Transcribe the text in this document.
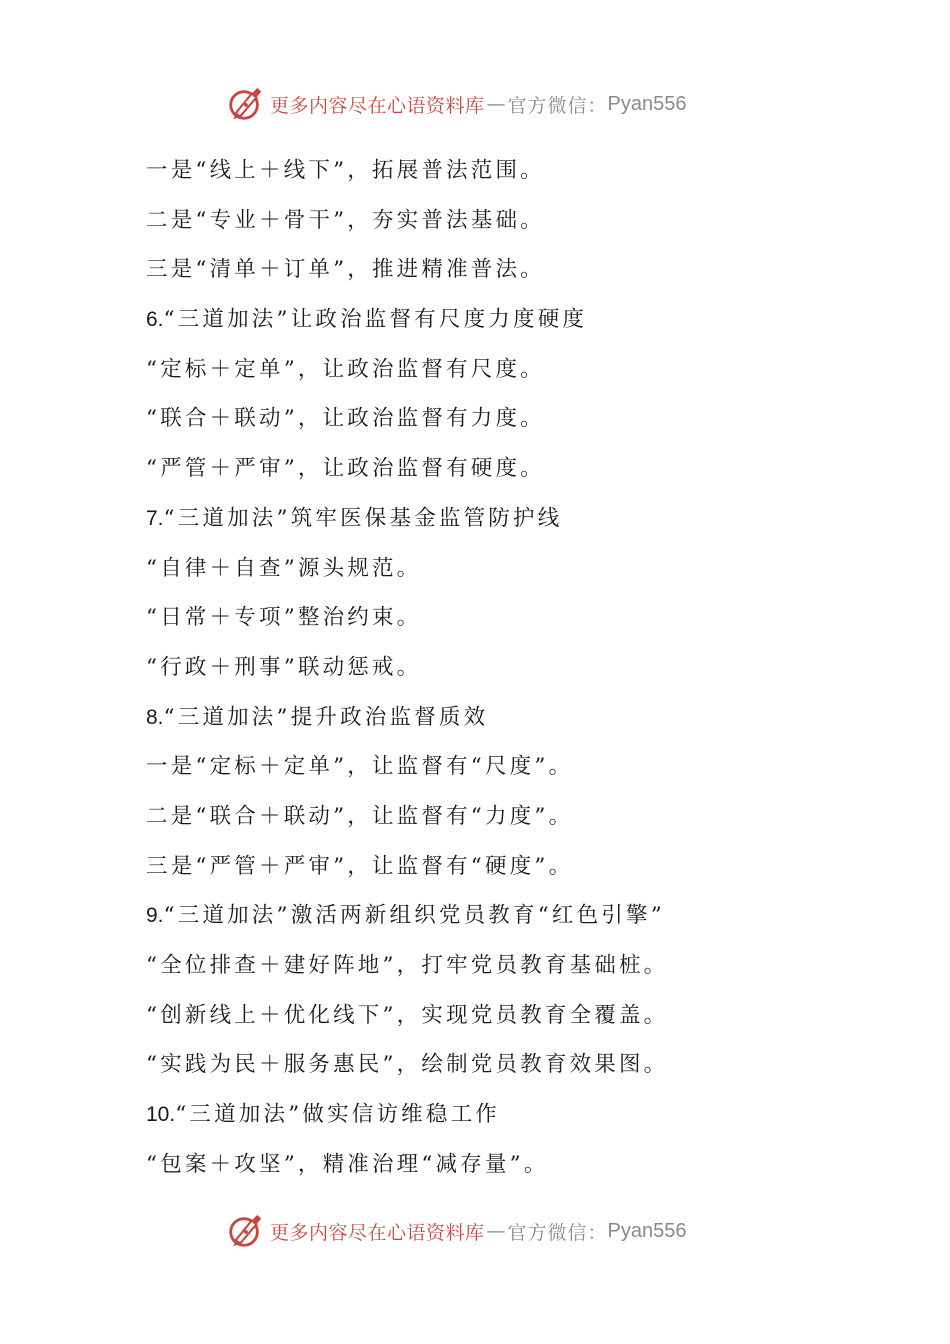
更多内容尽在心语资料库 — 官方微信： Pyan556
一是“线上＋线下”，拓展普法范围。
二是“专业＋骨干”，夯实普法基础。
三是“清单＋订单”，推进精准普法。
6.“三道加法”让政治监督有尺度力度硬度
“定标＋定单”，让政治监督有尺度。
“联合＋联动”，让政治监督有力度。
“严管＋严审”，让政治监督有硬度。
7.“三道加法”筑牢医保基金监管防护线
“自律＋自查”源头规范。
“日常＋专项”整治约束。
“行政＋刑事”联动惩戒。
8.“三道加法”提升政治监督质效
一是“定标＋定单”，让监督有“尺度”。
二是“联合＋联动”，让监督有“力度”。
三是“严管＋严审”，让监督有“硬度”。
9.“三道加法”激活两新组织党员教育“红色引擎”
“全位排查＋建好阵地”，打牢党员教育基础桩。
“创新线上＋优化线下”，实现党员教育全覆盖。
“实践为民＋服务惠民”，绘制党员教育效果图。
10.“三道加法”做实信访维稳工作
“包案＋攻坚”，精准治理“减存量”。
更多内容尽在心语资料库 — 官方微信： Pyan556
